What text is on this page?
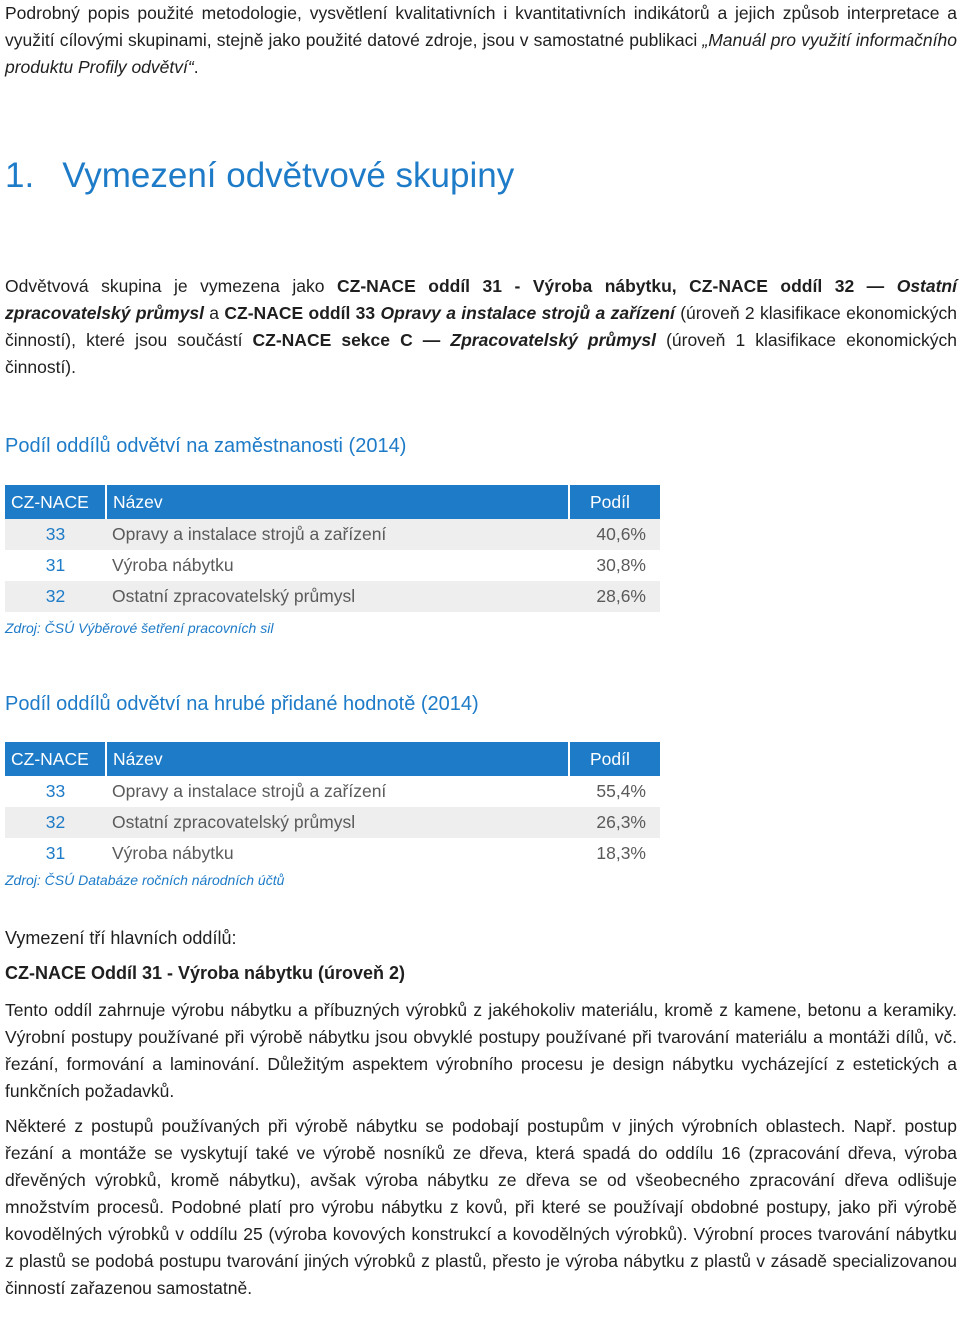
Podrobný popis použité metodologie, vysvětlení kvalitativních i kvantitativních indikátorů a jejich způsob interpretace a využití cílovými skupinami, stejně jako použité datové zdroje, jsou v samostatné publikaci „Manuál pro využití informačního produktu Profily odvětví“.

1. Vymezení odvětvové skupiny

Odvětvová skupina je vymezena jako CZ-NACE oddíl 31 - Výroba nábytku, CZ-NACE oddíl 32 — Ostatní zpracovatelský průmysl a CZ-NACE oddíl 33 Opravy a instalace strojů a zařízení (úroveň 2 klasifikace ekonomických činností), které jsou součástí CZ-NACE sekce C — Zpracovatelský průmysl (úroveň 1 klasifikace ekonomických činností).

Podíl oddílů odvětví na zaměstnanosti (2014)
CZ-NACE	Název	Podíl
33	Opravy a instalace strojů a zařízení	40,6%
31	Výroba nábytku	30,8%
32	Ostatní zpracovatelský průmysl	28,6%
Zdroj: ČSÚ Výběrové šetření pracovních sil
Podíl oddílů odvětví na hrubé přidané hodnotě (2014)
CZ-NACE	Název	Podíl
33	Opravy a instalace strojů a zařízení	55,4%
32	Ostatní zpracovatelský průmysl	26,3%
31	Výroba nábytku	18,3%
Zdroj: ČSÚ Databáze ročních národních účtů
Vymezení tří hlavních oddílů:
CZ-NACE Oddíl 31 - Výroba nábytku (úroveň 2)

Tento oddíl zahrnuje výrobu nábytku a příbuzných výrobků z jakéhokoliv materiálu, kromě z kamene, betonu a keramiky. Výrobní postupy používané při výrobě nábytku jsou obvyklé postupy používané při tvarování materiálu a montáži dílů, vč. řezání, formování a laminování. Důležitým aspektem výrobního procesu je design nábytku vycházející z estetických a funkčních požadavků.

Některé z postupů používaných při výrobě nábytku se podobají postupům v jiných výrobních oblastech. Např. postup řezání a montáže se vyskytují také ve výrobě nosníků ze dřeva, která spadá do oddílu 16 (zpracování dřeva, výroba dřevěných výrobků, kromě nábytku), avšak výroba nábytku ze dřeva se od všeobecného zpracování dřeva odlišuje množstvím procesů. Podobné platí pro výrobu nábytku z kovů, při které se používají obdobné postupy, jako při výrobě kovodělných výrobků v oddílu 25 (výroba kovových konstrukcí a kovodělných výrobků). Výrobní proces tvarování nábytku z plastů se podobá postupu tvarování jiných výrobků z plastů, přesto je výroba nábytku z plastů v zásadě specializovanou činností zařazenou samostatně.
